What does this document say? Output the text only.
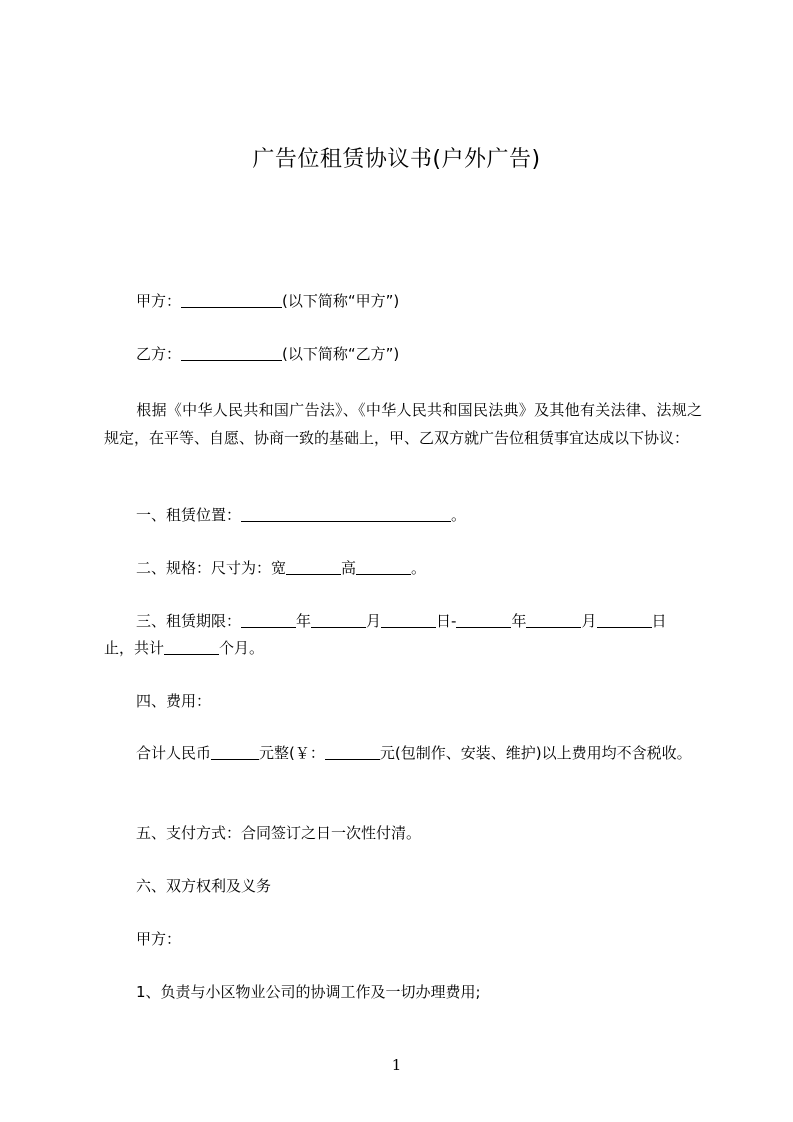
广告位租赁协议书(户外广告)
甲方：	(以下简称“甲方”)
乙方：	(以下简称“乙方”)
根据《中华人民共和国广告法》、《中华人民共和国民法典》及其他有关法律、法规之规定，在平等、自愿、协商一致的基础上，甲、乙双方就广告位租赁事宜达成以下协议：
一、租赁位置：	。
二、规格：尺寸为：宽	高	。
三、租赁期限：	年	月	日-	年	月	日
止，共计	个月。
四、费用：
合计人民币	元整(￥：	元(包制作、安装、维护)以上费用均不含税收。
五、支付方式：合同签订之日一次性付清。
六、双方权利及义务
甲方：
1、负责与小区物业公司的协调工作及一切办理费用;
1
